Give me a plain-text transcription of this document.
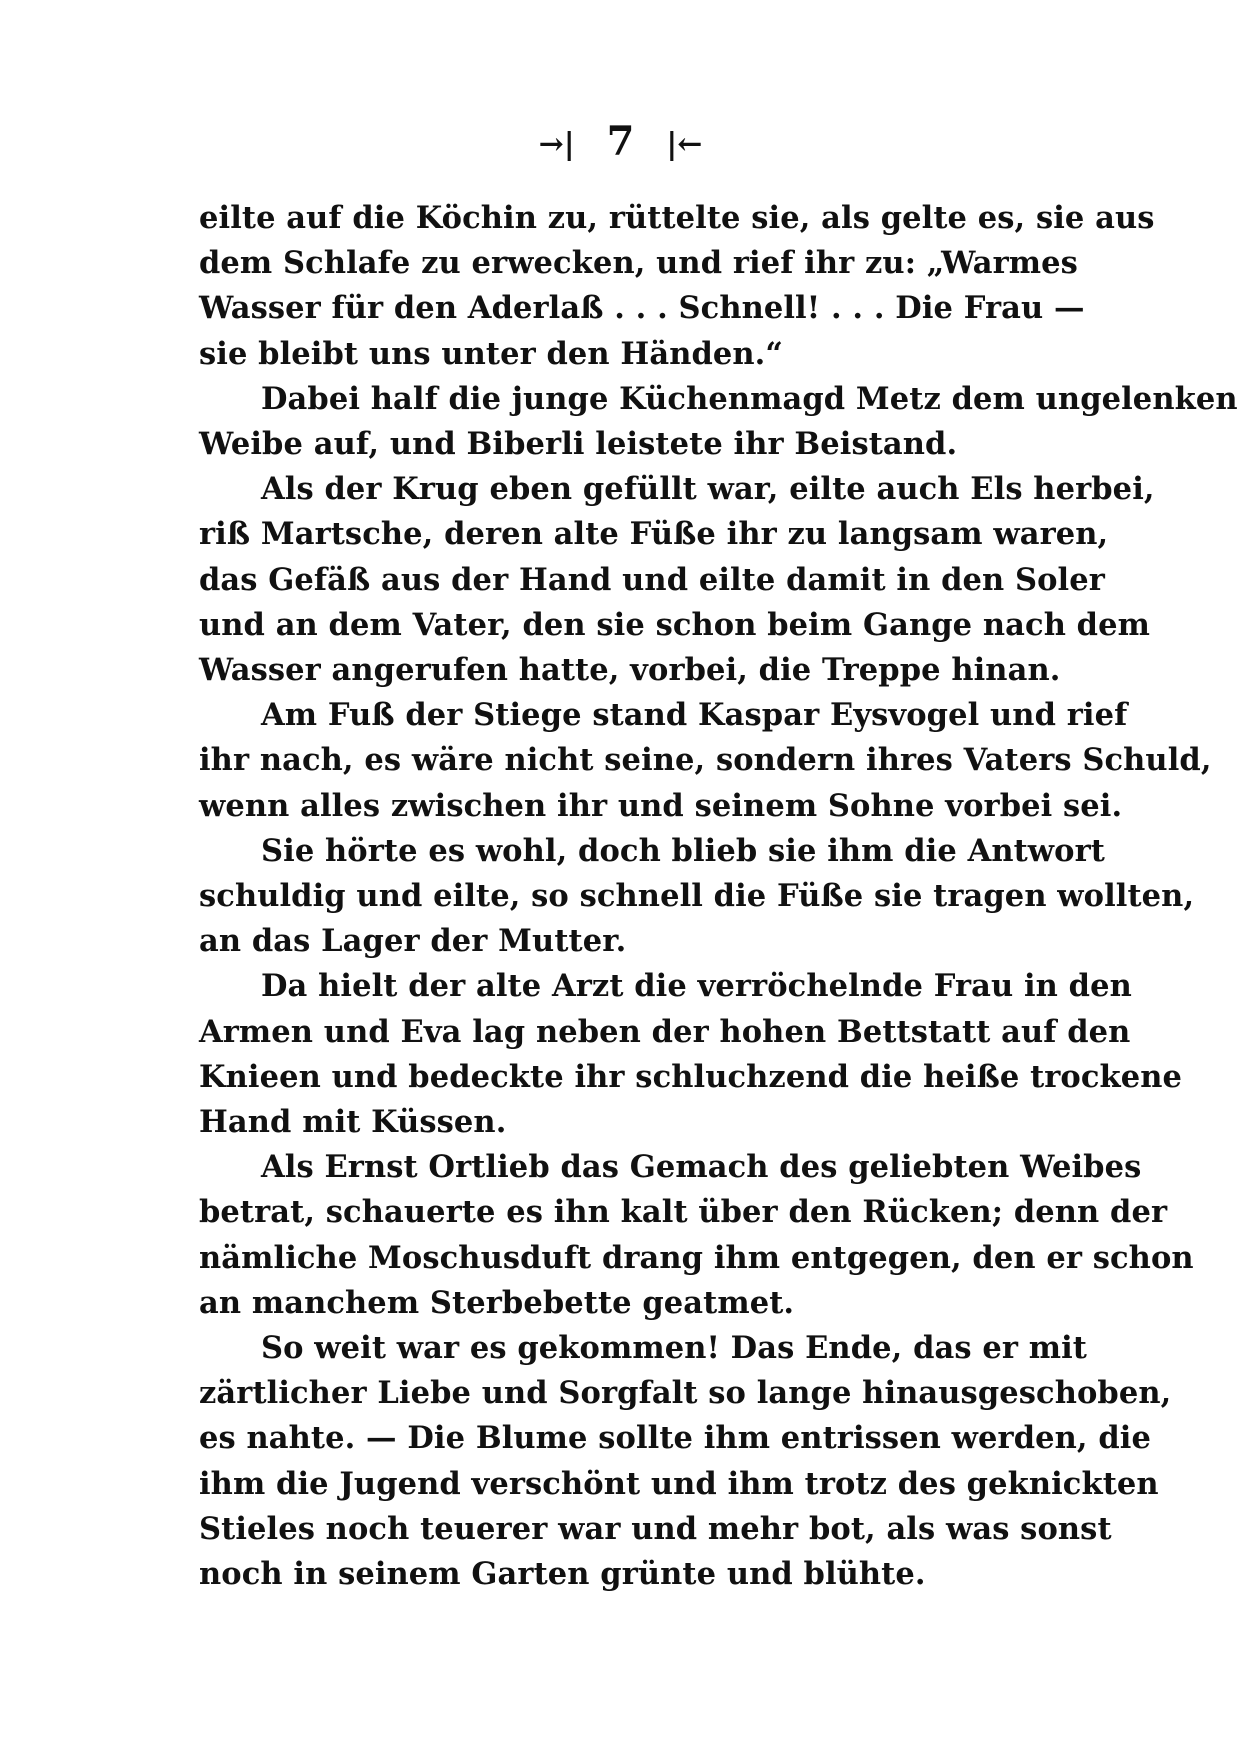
→| 7 |←

eilte auf die Köchin zu, rüttelte sie, als gelte es, sie aus
dem Schlafe zu erwecken, und rief ihr zu: „Warmes
Wasser für den Aderlaß . . . Schnell! . . . Die Frau —
sie bleibt uns unter den Händen.“

Dabei half die junge Küchenmagd Metz dem ungelenken
Weibe auf, und Biberli leistete ihr Beistand.

Als der Krug eben gefüllt war, eilte auch Els herbei,
riß Martsche, deren alte Füße ihr zu langsam waren,
das Gefäß aus der Hand und eilte damit in den Soler
und an dem Vater, den sie schon beim Gange nach dem
Wasser angerufen hatte, vorbei, die Treppe hinan.

Am Fuß der Stiege stand Kaspar Eysvogel und rief
ihr nach, es wäre nicht seine, sondern ihres Vaters Schuld,
wenn alles zwischen ihr und seinem Sohne vorbei sei.

Sie hörte es wohl, doch blieb sie ihm die Antwort
schuldig und eilte, so schnell die Füße sie tragen wollten,
an das Lager der Mutter.

Da hielt der alte Arzt die verröchelnde Frau in den
Armen und Eva lag neben der hohen Bettstatt auf den
Knieen und bedeckte ihr schluchzend die heiße trockene
Hand mit Küssen.

Als Ernst Ortlieb das Gemach des geliebten Weibes
betrat, schauerte es ihn kalt über den Rücken; denn der
nämliche Moschusduft drang ihm entgegen, den er schon
an manchem Sterbebette geatmet.

So weit war es gekommen! Das Ende, das er mit
zärtlicher Liebe und Sorgfalt so lange hinausgeschoben,
es nahte. — Die Blume sollte ihm entrissen werden, die
ihm die Jugend verschönt und ihm trotz des geknickten
Stieles noch teuerer war und mehr bot, als was sonst
noch in seinem Garten grünte und blühte.
